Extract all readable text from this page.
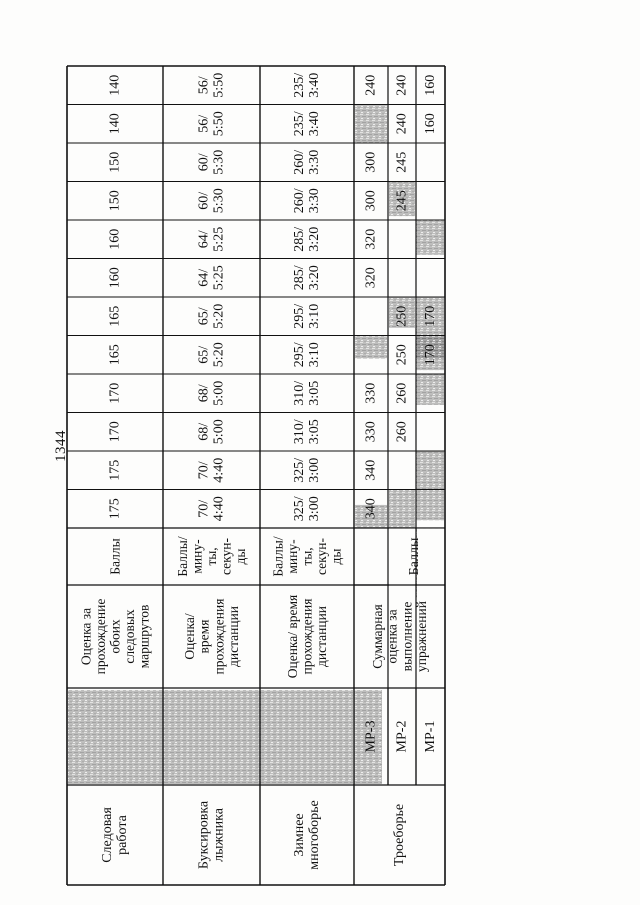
1344
Следовая работа
Оценка за прохождение обоих следовых маршрутов
Баллы
175
175
170
170
165
165
160
160
150
150
140
140
Буксировка лыжника
Оценка/ время прохождения дистанции
Баллы/ мину- ты, секун- ды
70/ 4:40
70/ 4:40
68/ 5:00
68/ 5:00
65/ 5:20
65/ 5:20
64/ 5:25
64/ 5:25
60/ 5:30
60/ 5:30
56/ 5:50
56/ 5:50
Зимнее многоборье
Оценка/ время прохождения дистанции
Баллы/ мину- ты, секун- ды
325/ 3:00
325/ 3:00
310/ 3:05
310/ 3:05
295/ 3:10
295/ 3:10
285/ 3:20
285/ 3:20
260/ 3:30
260/ 3:30
235/ 3:40
235/ 3:40
Троеборье
Суммарная оценка за выполнение упражнений
Баллы
МР-3
340
340
330
330
320
320
300
300
240
МР-2
260
260
250
250
245
245
240
240
МР-1
170
170
160
160
